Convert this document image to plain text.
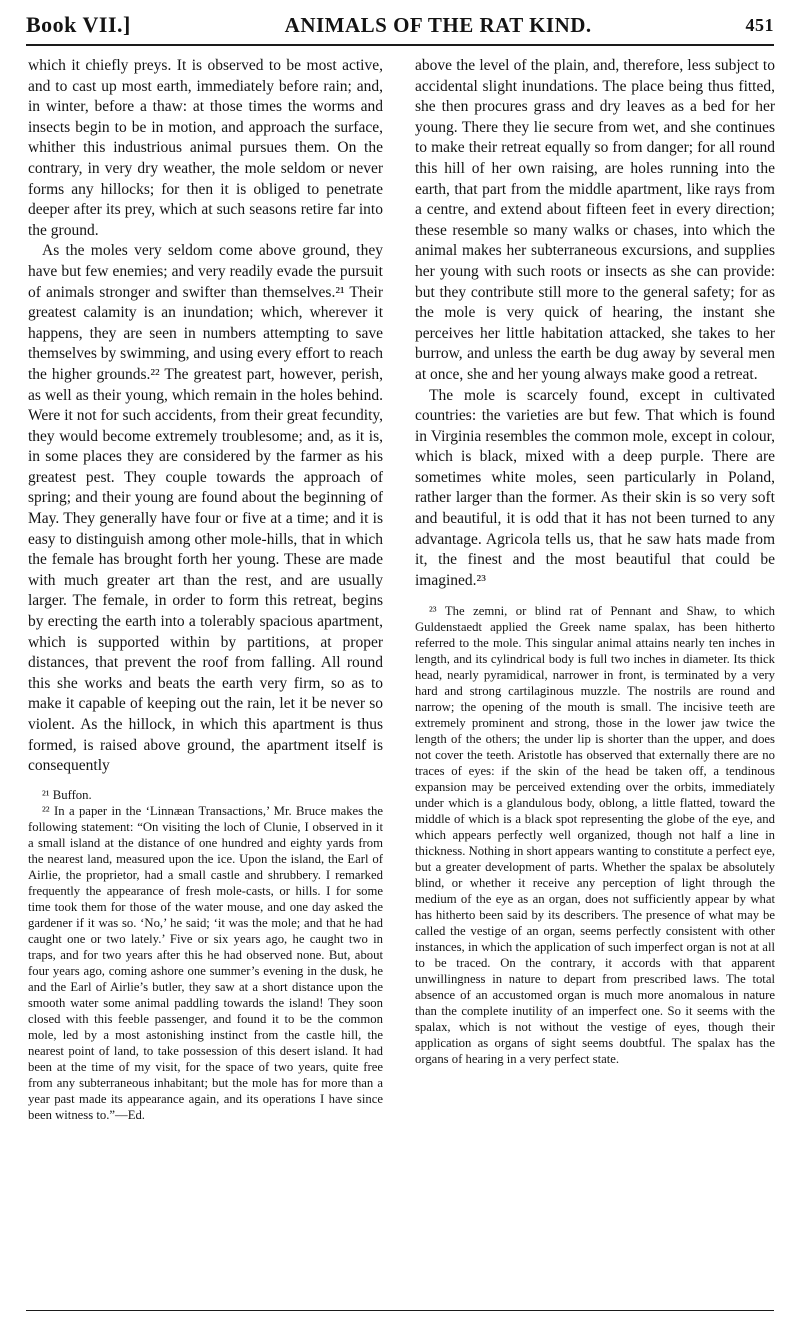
Book VII.]	ANIMALS OF THE RAT KIND.	451

which it chiefly preys. It is observed to be most active, and to cast up most earth, immediately before rain; and, in winter, before a thaw: at those times the worms and insects begin to be in motion, and approach the surface, whither this industrious animal pursues them. On the contrary, in very dry weather, the mole seldom or never forms any hillocks; for then it is obliged to penetrate deeper after its prey, which at such seasons retire far into the ground.

As the moles very seldom come above ground, they have but few enemies; and very readily evade the pursuit of animals stronger and swifter than themselves.²¹ Their greatest calamity is an inundation; which, wherever it happens, they are seen in numbers attempting to save themselves by swimming, and using every effort to reach the higher grounds.²² The greatest part, however, perish, as well as their young, which remain in the holes behind. Were it not for such accidents, from their great fecundity, they would become extremely troublesome; and, as it is, in some places they are considered by the farmer as his greatest pest. They couple towards the approach of spring; and their young are found about the beginning of May. They generally have four or five at a time; and it is easy to distinguish among other mole-hills, that in which the female has brought forth her young. These are made with much greater art than the rest, and are usually larger. The female, in order to form this retreat, begins by erecting the earth into a tolerably spacious apartment, which is supported within by partitions, at proper distances, that prevent the roof from falling. All round this she works and beats the earth very firm, so as to make it capable of keeping out the rain, let it be never so violent. As the hillock, in which this apartment is thus formed, is raised above ground, the apartment itself is consequently

²¹ Buffon.

²² In a paper in the ‘Linnæan Transactions,’ Mr. Bruce makes the following statement: “On visiting the loch of Clunie, I observed in it a small island at the distance of one hundred and eighty yards from the nearest land, measured upon the ice. Upon the island, the Earl of Airlie, the proprietor, had a small castle and shrubbery. I remarked frequently the appearance of fresh mole-casts, or hills. I for some time took them for those of the water mouse, and one day asked the gardener if it was so. ‘No,’ he said; ‘it was the mole; and that he had caught one or two lately.’ Five or six years ago, he caught two in traps, and for two years after this he had observed none. But, about four years ago, coming ashore one summer’s evening in the dusk, he and the Earl of Airlie’s butler, they saw at a short distance upon the smooth water some animal paddling towards the island! They soon closed with this feeble passenger, and found it to be the common mole, led by a most astonishing instinct from the castle hill, the nearest point of land, to take possession of this desert island. It had been at the time of my visit, for the space of two years, quite free from any subterraneous inhabitant; but the mole has for more than a year past made its appearance again, and its operations I have since been witness to.”—Ed.

above the level of the plain, and, therefore, less subject to accidental slight inundations. The place being thus fitted, she then procures grass and dry leaves as a bed for her young. There they lie secure from wet, and she continues to make their retreat equally so from danger; for all round this hill of her own raising, are holes running into the earth, that part from the middle apartment, like rays from a centre, and extend about fifteen feet in every direction; these resemble so many walks or chases, into which the animal makes her subterraneous excursions, and supplies her young with such roots or insects as she can provide: but they contribute still more to the general safety; for as the mole is very quick of hearing, the instant she perceives her little habitation attacked, she takes to her burrow, and unless the earth be dug away by several men at once, she and her young always make good a retreat.

The mole is scarcely found, except in cultivated countries: the varieties are but few. That which is found in Virginia resembles the common mole, except in colour, which is black, mixed with a deep purple. There are sometimes white moles, seen particularly in Poland, rather larger than the former. As their skin is so very soft and beautiful, it is odd that it has not been turned to any advantage. Agricola tells us, that he saw hats made from it, the finest and the most beautiful that could be imagined.²³

²³ The zemni, or blind rat of Pennant and Shaw, to which Guldenstaedt applied the Greek name spalax, has been hitherto referred to the mole. This singular animal attains nearly ten inches in length, and its cylindrical body is full two inches in diameter. Its thick head, nearly pyramidical, narrower in front, is terminated by a very hard and strong cartilaginous muzzle. The nostrils are round and narrow; the opening of the mouth is small. The incisive teeth are extremely prominent and strong, those in the lower jaw twice the length of the others; the under lip is shorter than the upper, and does not cover the teeth. Aristotle has observed that externally there are no traces of eyes: if the skin of the head be taken off, a tendinous expansion may be perceived extending over the orbits, immediately under which is a glandulous body, oblong, a little flatted, toward the middle of which is a black spot representing the globe of the eye, and which appears perfectly well organized, though not half a line in thickness. Nothing in short appears wanting to constitute a perfect eye, but a greater development of parts. Whether the spalax be absolutely blind, or whether it receive any perception of light through the medium of the eye as an organ, does not sufficiently appear by what has hitherto been said by its describers. The presence of what may be called the vestige of an organ, seems perfectly consistent with other instances, in which the application of such imperfect organ is not at all to be traced. On the contrary, it accords with that apparent unwillingness in nature to depart from prescribed laws. The total absence of an accustomed organ is much more anomalous in nature than the complete inutility of an imperfect one. So it seems with the spalax, which is not without the vestige of eyes, though their application as organs of sight seems doubtful. The spalax has the organs of hearing in a very perfect state.
